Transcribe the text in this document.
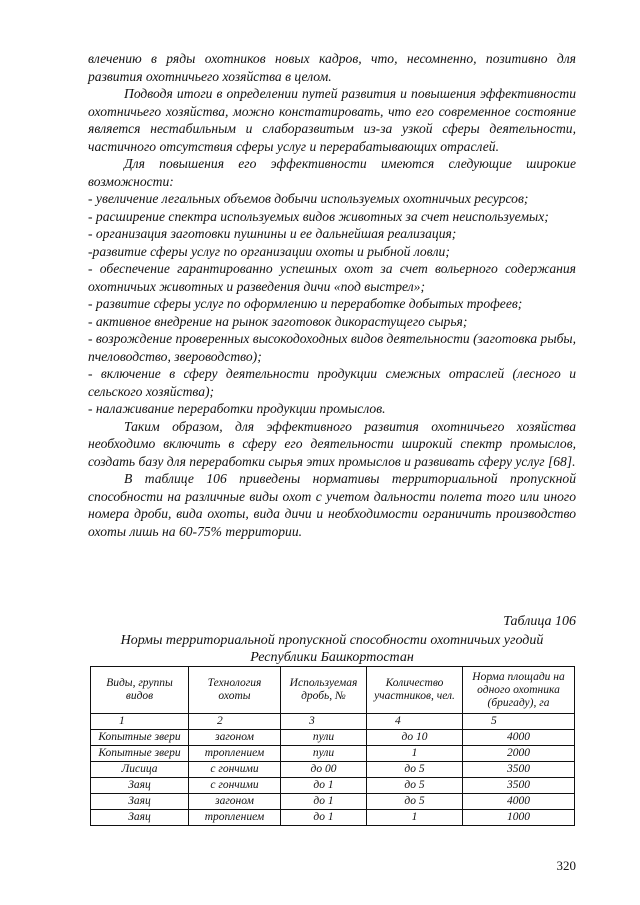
влечению в ряды охотников новых кадров, что, несомненно, позитивно для развития охотничьего хозяйства в целом.

Подводя итоги в определении путей развития и повышения эффективности охотничьего хозяйства, можно констатировать, что его современное состояние является нестабильным и слаборазвитым из-за узкой сферы деятельности, частичного отсутствия сферы услуг и перерабатывающих отраслей.

Для повышения его эффективности имеются следующие широкие возможности:

- увеличение легальных объемов добычи используемых охотничьих ресурсов;

- расширение спектра используемых видов животных за счет неиспользуемых;

- организация заготовки пушнины и ее дальнейшая реализация;

-развитие сферы услуг по организации охоты и рыбной ловли;

- обеспечение гарантированно успешных охот за счет вольерного содержания охотничьих животных и разведения дичи «под выстрел»;

- развитие сферы услуг по оформлению и переработке добытых трофеев;

- активное внедрение на рынок заготовок дикорастущего сырья;

- возрождение проверенных высокодоходных видов деятельности (заготовка рыбы, пчеловодство, звероводство);

- включение в сферу деятельности продукции смежных отраслей (лесного и сельского хозяйства);

- налаживание переработки продукции промыслов.

Таким образом, для эффективного развития охотничьего хозяйства необходимо включить в сферу его деятельности широкий спектр промыслов, создать базу для переработки сырья этих промыслов и развивать сферу услуг [68].

В таблице 106 приведены нормативы территориальной пропускной способности на различные виды охот с учетом дальности полета того или иного номера дроби, вида охоты, вида дичи и необходимости ограничить производство охоты лишь на 60-75% территории.

Таблица 106
Нормы территориальной пропускной способности охотничьих угодий Республики Башкортостан
Виды, группы видов	Технология охоты	Используемая дробь, №	Количество участников, чел.	Норма площади на одного охотника (бригаду), га
1	2	3	4	5
Копытные звери	загоном	пули	до 10	4000
Копытные звери	троплением	пули	1	2000
Лисица	с гончими	до 00	до 5	3500
Заяц	с гончими	до 1	до 5	3500
Заяц	загоном	до 1	до 5	4000
Заяц	троплением	до 1	1	1000
320
